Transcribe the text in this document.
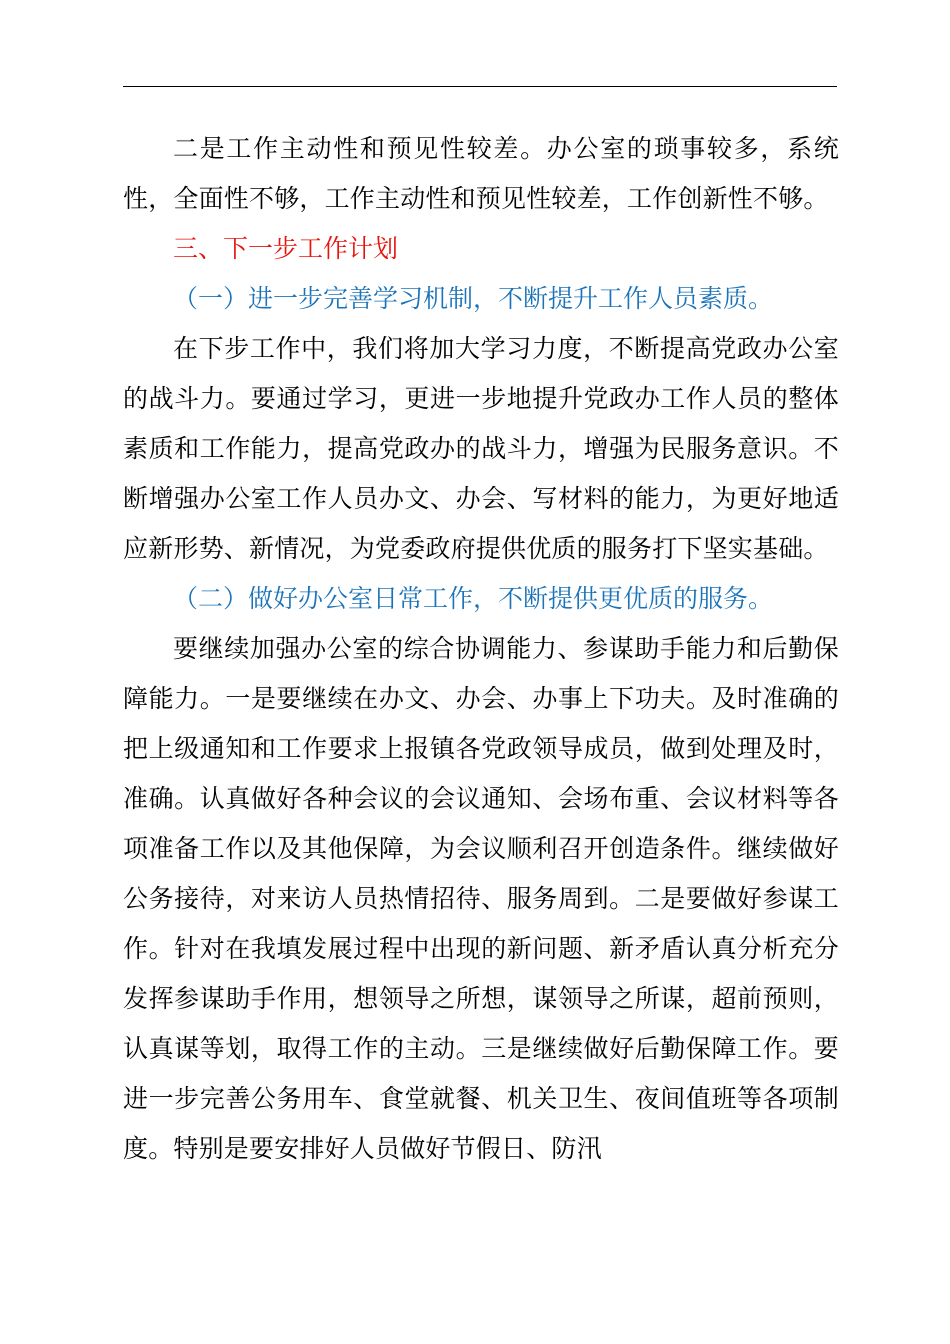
二是工作主动性和预见性较差。办公室的琐事较多，系统性，全面性不够，工作主动性和预见性较差，工作创新性不够。

三、下一步工作计划

（一）进一步完善学习机制，不断提升工作人员素质。

在下步工作中，我们将加大学习力度，不断提高党政办公室的战斗力。要通过学习，更进一步地提升党政办工作人员的整体素质和工作能力，提高党政办的战斗力，增强为民服务意识。不断增强办公室工作人员办文、办会、写材料的能力，为更好地适应新形势、新情况，为党委政府提供优质的服务打下坚实基础。

（二）做好办公室日常工作，不断提供更优质的服务。

要继续加强办公室的综合协调能力、参谋助手能力和后勤保障能力。一是要继续在办文、办会、办事上下功夫。及时准确的把上级通知和工作要求上报镇各党政领导成员，做到处理及时，准确。认真做好各种会议的会议通知、会场布重、会议材料等各项准备工作以及其他保障，为会议顺利召开创造条件。继续做好公务接待，对来访人员热情招待、服务周到。二是要做好参谋工作。针对在我填发展过程中出现的新问题、新矛盾认真分析充分发挥参谋助手作用，想领导之所想，谋领导之所谋，超前预则，认真谋等划，取得工作的主动。三是继续做好后勤保障工作。要进一步完善公务用车、食堂就餐、机关卫生、夜间值班等各项制度。特别是要安排好人员做好节假日、防汛
